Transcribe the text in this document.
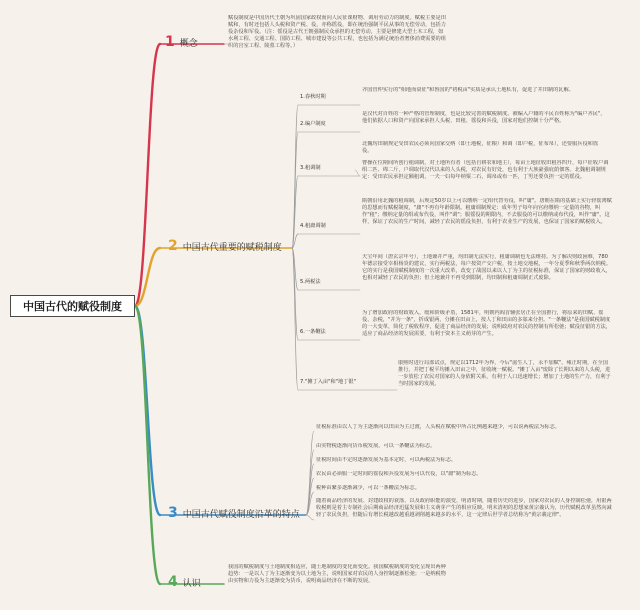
中国古代的赋役制度
1 概念
赋役制度是中国历代王朝为巩固国家政权而向人民征课财物、调用劳动力的制度。赋税主要是田赋和，有时还包括人头税和资产税、役，亦称徭役，即在统治强制平民从事的无偿劳动，包括力役杂役和军役。（注：徭役是古代王朝强制民众承担的无偿劳动，主要是修建大型土木工程，如水利工程、交通工程、国防工程、城市建设等公共工程，也包括为满足统治者奢侈消费需要的组织的宫室工程、陵墓工程等。）
2 中国古代重要的赋税制度
1.春秋时期
齐国管仲实行的"相地而衰征"和鲁国的"初税亩"实质是承认土地私有，促进了井田制的瓦解。
2.编户制度
是汉代对百姓的一种严格的管理制度，也是比较完善的赋税制度。被编入户籍的平民百姓称为"编户齐民"，他们依据人口和资产向国家承担人头税、田租、徭役和兵役，国家对他们控制十分严格。
3.租调制
北魏均田制规定受田农民必须向国家交纳（即土地税，征粮）和调（即户税，征布帛），还要服兵役和徭役。
曹操在位期间所创行租调制，对土地所有者（包括自耕农和地主），每亩土地征收田租谷四升，每户征收户调绢二匹、绵二斤，户调取代汉代以来的人头税，对农民有好处，也有利于大族豪强庇荫佃客。北魏租调制规定：受田农民承担定额租调，一夫一妇每年纳粟二石，调帛或布一匹，丁男还要负担一定的徭役。
4.租庸调制
隋朝沿用北魏的租调制，后规定50岁以上可以缴纳一定绢代替劳役，叫"庸"。唐朝在隋的基础上实行轻徭薄赋的思想而有赋税制度，"庸"不再有年龄限制。租庸调制规定：成年男子每年向官府缴纳一定量的谷物，叫作"租"；缴纳定量的绢或布代役，叫作"调"；服徭役的期限内，不去服役的可以缴纳或布代役，叫作"庸"。这样，保证了农民的生产时间，减轻了农民的徭役负担，有利于农业生产的发展，也保证了国家的赋税收入。
5.两税法
天宝年间（唐玄宗年号），土地兼并严重，均田制无法实行，租庸调制也无法维持。为了解决财政困难，780年德宗接受宰相杨炎的建议，实行两税法，每户按资产交户税，按土地交地税，一年分夏季和秋季两次纳税。它的实行是我国赋税制度的一次重大改革，改变了战国以来以人丁为主的征税标准，保证了国家的财政收入，也相对减轻了农民的负担；但土地兼并不再受到限制，均田制和租庸调制正式废除。
6.一条鞭法
为了增加政府的财政收入，缓和阶级矛盾，1581年，明朝内阁首辅张居正在全国推行，将原来的田赋、徭役、杂税，"并为一条"，折成银两，分摊在田亩上，按人丁和田亩的多寡来分担。"一条鞭法"是我国赋税制度的一大变革，简化了税收程序，促进了商品经济的发展；说明政府对农民的控制有所松弛；赋役征银的方法，适应了商品经济的发展需要，有利于资本主义萌芽的产生。
7."摊丁入亩"和"地丁银"
康熙时进行局部试点，规定以1712年为界，今后"滋生人丁，永不加赋"。雍正时期，在全国推行，并把丁税平均摊入田亩之中，征收统一赋税。"摊丁入亩"废除了长期以来的人头税，进一步放松了农民对国家的人身依附关系，有利于人口迅速增长；增加了土地的生产力，有利于当时国家的发展。
3 中国古代赋役制度沿革的特点
征税标准由以人丁为主逐渐向以田亩为主过渡，人头税在赋税中所占比例越来越少，可以说两税法为标志。
由实物税逐渐向货币税发展，可以一条鞭法为标志。
征税时间由不定时逐渐发展为基本定时，可以两税法为标志。
农民由必须服一定时间的徭役和兵役发展为可以代役，以"庸"制为标志。
税种由繁多逐渐减少，可以一条鞭法为标志。
随着商品经济的发展、封建政权的衰落、以及政府职能的演变，明清时期，随着历史的进步，国家对农民的人身控制松弛，用银两收税则是着主专制社会后期商品经济迅猛发展和主义萌芽产生的相应反映。明末清初的思想家黄宗羲认为，历代赋税改革虽然向减轻了农民负担，但随后有增长税越改越重越剥削越来越多的水平，这一定律后世学者总结称为"黄宗羲定律"。
4 认识
我国的赋税制度与土地制度相适应，随土地制度的变化而变化。我国赋税制度的变化呈现出两种趋势：一是以人丁为主逐渐变为以土地为主，说明国家对农民的人身控制逐渐松弛；一是纳税物由实物和力役为主逐渐变为货币，说明商品经济在不断的发展。
